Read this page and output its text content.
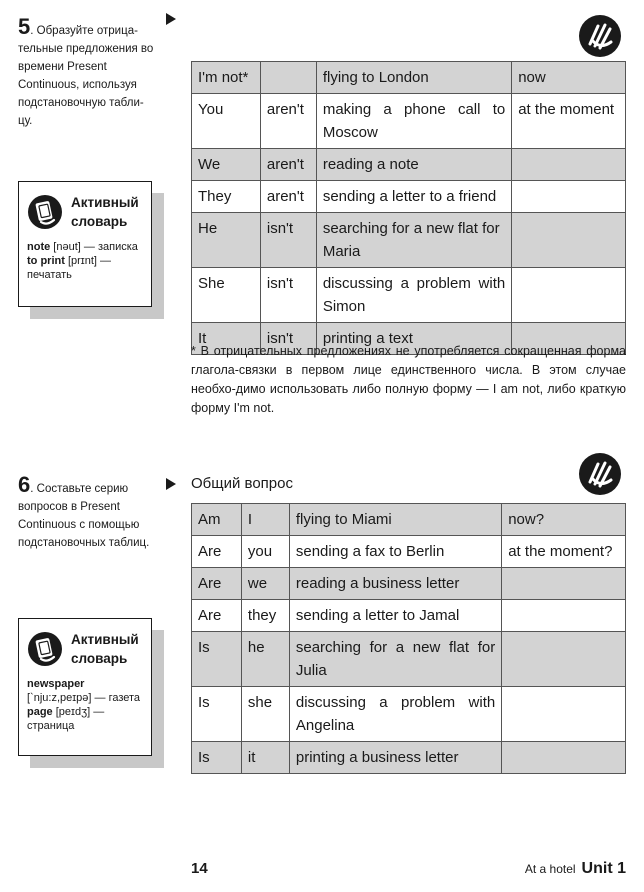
5. Образуйте отрица-тельные предложения во времени Present Continuous, используя подстановочную табли-цу.
Активный
словарь
note [nəut] — записка
to print [prɪnt] — печатать
I'm not*		flying to London	now
You	aren't	making a phone call to Moscow	at the moment
We	aren't	reading a note	
They	aren't	sending a letter to a friend	
He	isn't	searching for a new flat for Maria	
She	isn't	discussing a problem with Simon	
It	isn't	printing a text	
* В отрицательных предложениях не употребляется сокращенная форма глагола-связки в первом лице единственного числа. В этом случае необхо-димо использовать либо полную форму — I am not, либо краткую форму I'm not.
6. Составьте серию вопросов в Present Continuous с помощью подстановочных таблиц.
Общий вопрос
Активный
словарь
newspaper
[`nju:z,peɪpə] — газета
page [peɪdʒ] — страница
Am	I	flying to Miami	now?
Are	you	sending a fax to Berlin	at the moment?
Are	we	reading a business letter	
Are	they	sending a letter to Jamal	
Is	he	searching for a new flat for Julia	
Is	she	discussing a problem with Angelina	
Is	it	printing a business letter	
14	At a hotel Unit 1
